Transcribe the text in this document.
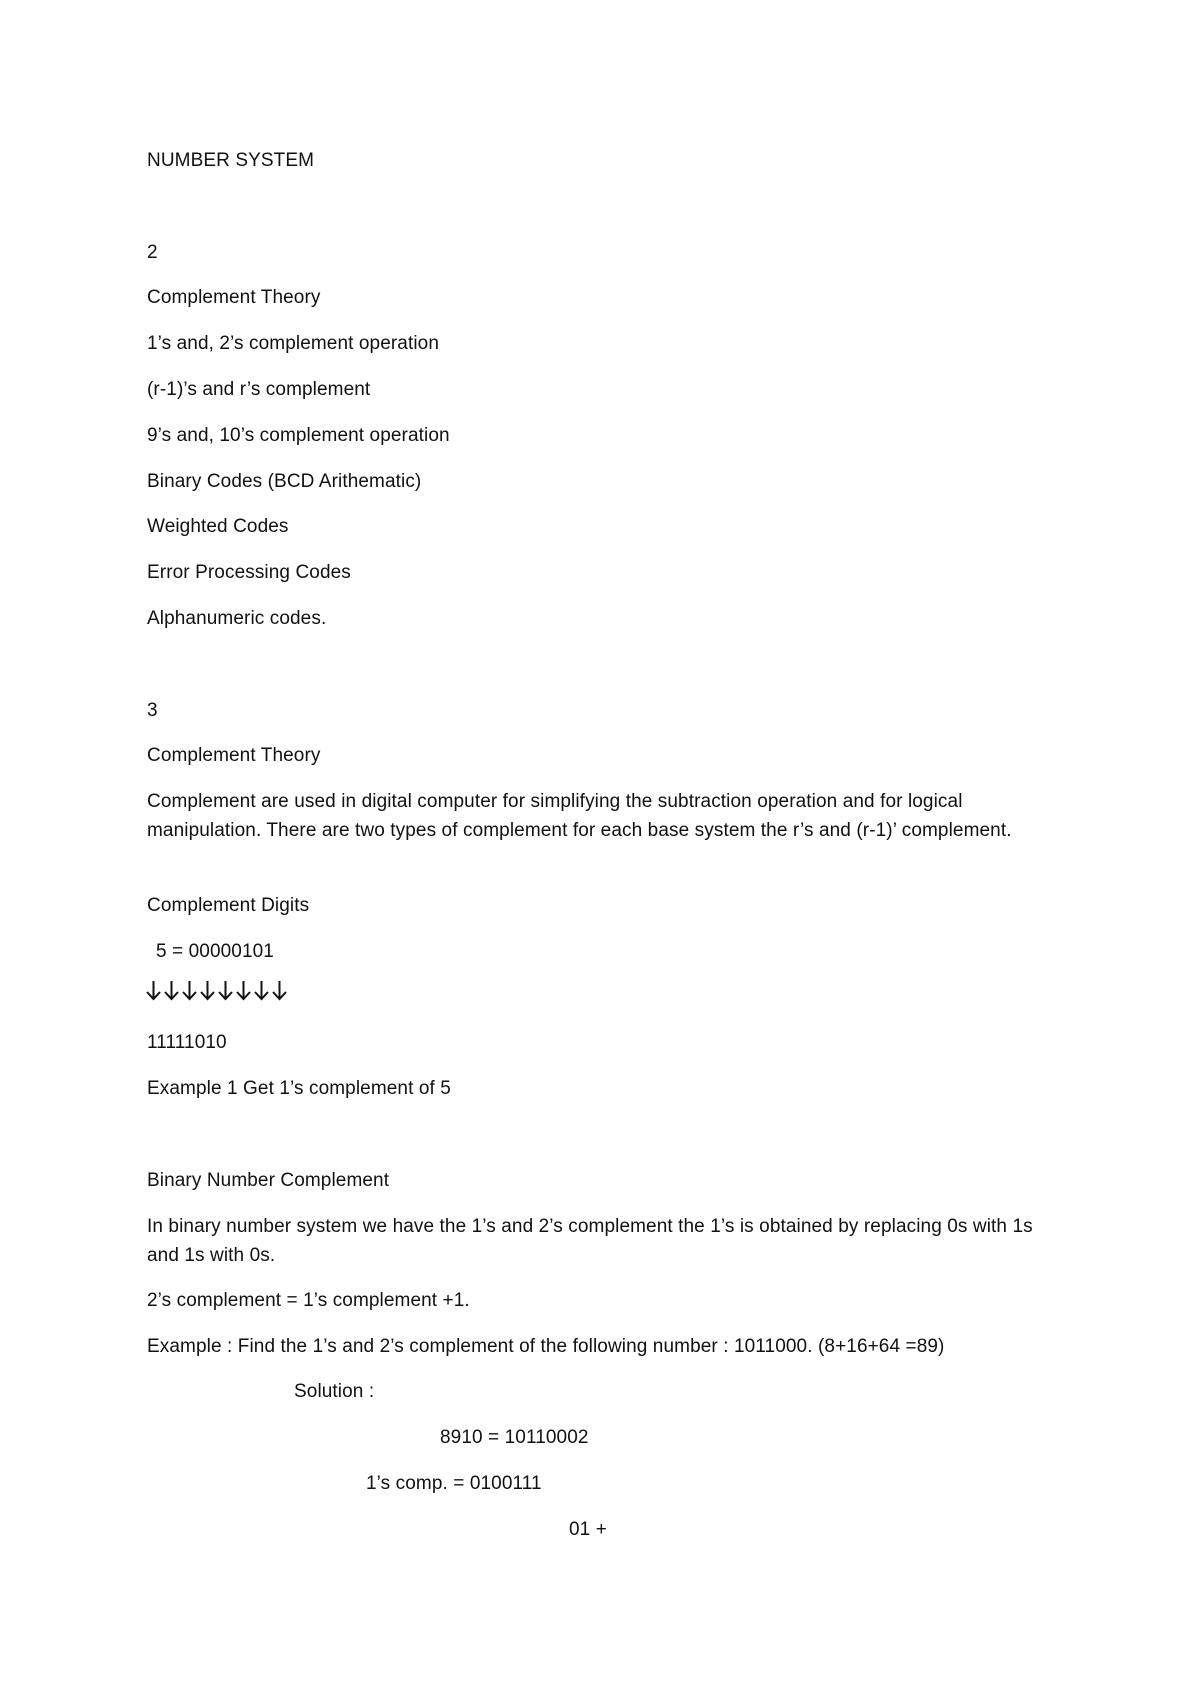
NUMBER SYSTEM
2
Complement Theory
1’s and, 2’s complement operation
(r-1)’s and r’s complement
9’s and, 10’s complement operation
Binary Codes (BCD Arithematic)
Weighted Codes
Error Processing Codes
Alphanumeric codes.
3
Complement Theory
Complement are used in digital computer for simplifying the subtraction operation and for logical manipulation. There are two types of complement for each base system the r’s and (r-1)’ complement.
Complement Digits
5 = 00000101
11111010
Example 1 Get 1’s complement of 5
Binary Number Complement
In binary number system we have the 1’s and 2’s complement the 1’s is obtained by replacing 0s with 1s and 1s with 0s.
2’s complement = 1’s complement +1.
Example : Find the 1’s and 2’s complement of the following number : 1011000. (8+16+64 =89)
Solution :
8910 = 10110002
1’s comp. = 0100111
01 +
